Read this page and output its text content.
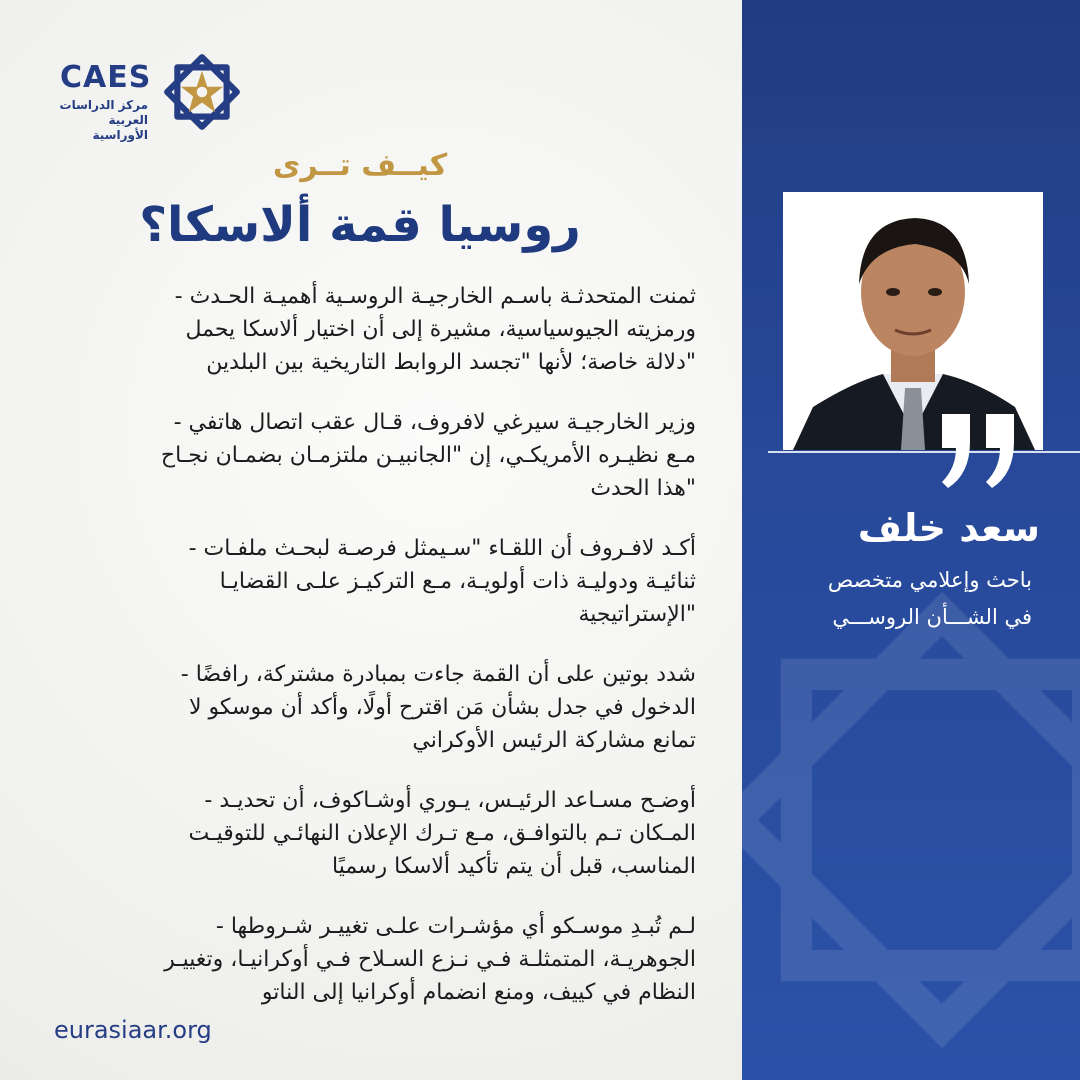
CAES
مركز الدراسات
العربية الأوراسية
كيــف تــرى
روسيا قمة ألاسكا؟
ثمنت المتحدثـة باسـم الخارجيـة الروسـية أهميـة الحـدث -
ورمزيته الجيوسياسية، مشيرة إلى أن اختيار ألاسكا يحمل
"دلالة خاصة؛ لأنها "تجسد الروابط التاريخية بين البلدين
وزير الخارجيـة سيرغي لافروف، قـال عقب اتصال هاتفي -
مـع نظيـره الأمريكـي، إن "الجانبيـن ملتزمـان بضمـان نجـاح
"هذا الحدث
أكـد لافـروف أن اللقـاء "سـيمثل فرصـة لبحـث ملفـات -
ثنائيـة ودوليـة ذات أولويـة، مـع التركيـز علـى القضايـا
"الإستراتيجية
شدد بوتين على أن القمة جاءت بمبادرة مشتركة، رافضًا -
الدخول في جدل بشأن مَن اقترح أولًا، وأكد أن موسكو لا
تمانع مشاركة الرئيس الأوكراني
أوضـح مسـاعد الرئيـس، يـوري أوشـاكوف، أن تحديـد -
المـكان تـم بالتوافـق، مـع تـرك الإعلان النهائـي للتوقيـت
المناسب، قبل أن يتم تأكيد ألاسكا رسميًا
لـم تُبـدِ موسـكو أي مؤشـرات علـى تغييـر شـروطها -
الجوهريـة، المتمثلـة فـي نـزع السـلاح فـي أوكرانيـا، وتغييـر
النظام في كييف، ومنع انضمام أوكرانيا إلى الناتو
eurasiaar.org
سعد خلف
باحث وإعلامي متخصص
في الشـــأن الروســـي
